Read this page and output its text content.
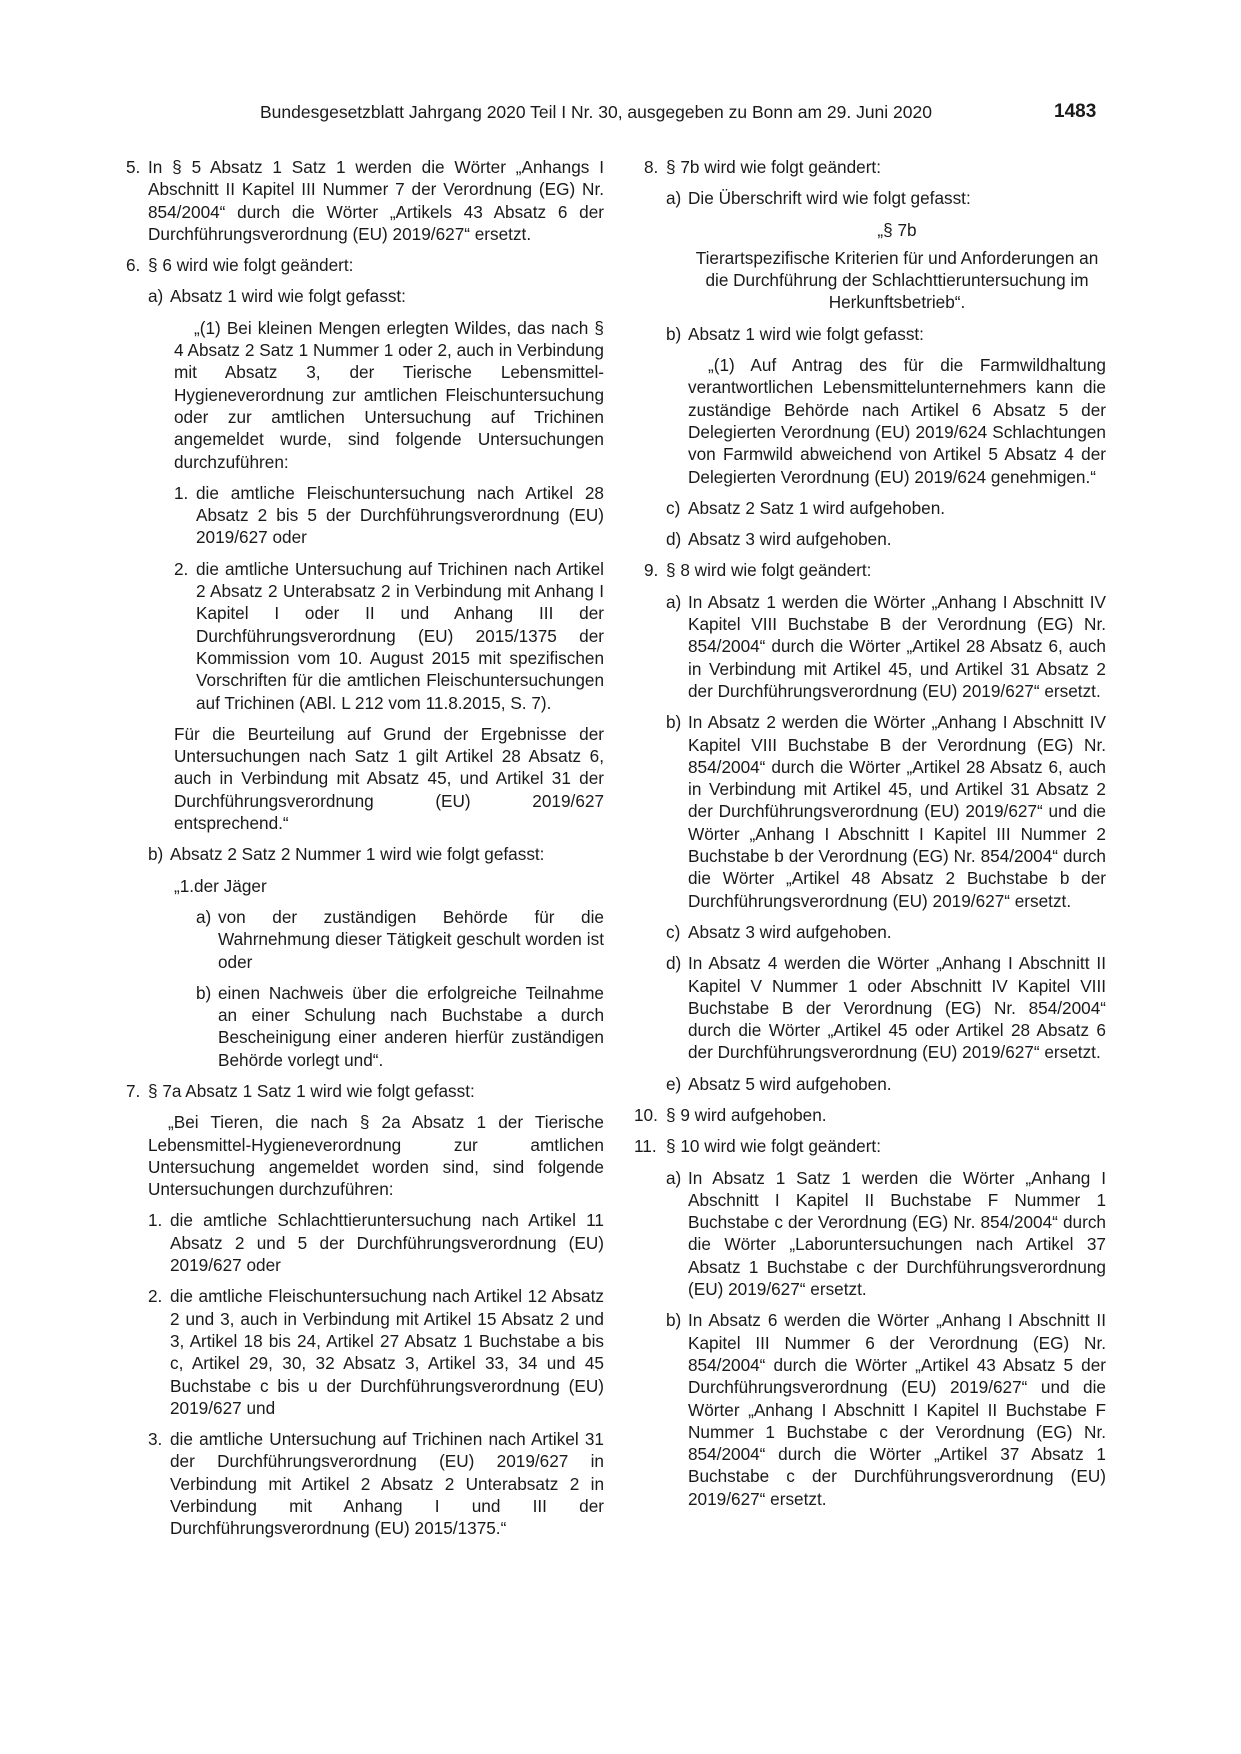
Bundesgesetzblatt Jahrgang 2020 Teil I Nr. 30, ausgegeben zu Bonn am 29. Juni 2020	1483
5. In § 5 Absatz 1 Satz 1 werden die Wörter „Anhangs I Abschnitt II Kapitel III Nummer 7 der Verordnung (EG) Nr. 854/2004“ durch die Wörter „Artikels 43 Absatz 6 der Durchführungsverordnung (EU) 2019/627“ ersetzt.

6. § 6 wird wie folgt geändert:

a) Absatz 1 wird wie folgt gefasst:

„(1) Bei kleinen Mengen erlegten Wildes, das nach § 4 Absatz 2 Satz 1 Nummer 1 oder 2, auch in Verbindung mit Absatz 3, der Tierische Lebensmittel-Hygieneverordnung zur amtlichen Fleischuntersuchung oder zur amtlichen Untersuchung auf Trichinen angemeldet wurde, sind folgende Untersuchungen durchzuführen:

1. die amtliche Fleischuntersuchung nach Artikel 28 Absatz 2 bis 5 der Durchführungsverordnung (EU) 2019/627 oder

2. die amtliche Untersuchung auf Trichinen nach Artikel 2 Absatz 2 Unterabsatz 2 in Verbindung mit Anhang I Kapitel I oder II und Anhang III der Durchführungsverordnung (EU) 2015/1375 der Kommission vom 10. August 2015 mit spezifischen Vorschriften für die amtlichen Fleischuntersuchungen auf Trichinen (ABl. L 212 vom 11.8.2015, S. 7).

Für die Beurteilung auf Grund der Ergebnisse der Untersuchungen nach Satz 1 gilt Artikel 28 Absatz 6, auch in Verbindung mit Absatz 45, und Artikel 31 der Durchführungsverordnung (EU) 2019/627 entsprechend.“

b) Absatz 2 Satz 2 Nummer 1 wird wie folgt gefasst:

„1.der Jäger

a) von der zuständigen Behörde für die Wahrnehmung dieser Tätigkeit geschult worden ist oder

b) einen Nachweis über die erfolgreiche Teilnahme an einer Schulung nach Buchstabe a durch Bescheinigung einer anderen hierfür zuständigen Behörde vorlegt und“.

7. § 7a Absatz 1 Satz 1 wird wie folgt gefasst:

„Bei Tieren, die nach § 2a Absatz 1 der Tierische Lebensmittel-Hygieneverordnung zur amtlichen Untersuchung angemeldet worden sind, sind folgende Untersuchungen durchzuführen:

1. die amtliche Schlachttieruntersuchung nach Artikel 11 Absatz 2 und 5 der Durchführungsverordnung (EU) 2019/627 oder

2. die amtliche Fleischuntersuchung nach Artikel 12 Absatz 2 und 3, auch in Verbindung mit Artikel 15 Absatz 2 und 3, Artikel 18 bis 24, Artikel 27 Absatz 1 Buchstabe a bis c, Artikel 29, 30, 32 Absatz 3, Artikel 33, 34 und 45 Buchstabe c bis u der Durchführungsverordnung (EU) 2019/627 und

3. die amtliche Untersuchung auf Trichinen nach Artikel 31 der Durchführungsverordnung (EU) 2019/627 in Verbindung mit Artikel 2 Absatz 2 Unterabsatz 2 in Verbindung mit Anhang I und III der Durchführungsverordnung (EU) 2015/1375.“

8. § 7b wird wie folgt geändert:

a) Die Überschrift wird wie folgt gefasst:

„§ 7b

Tierartspezifische Kriterien für und Anforderungen an die Durchführung der Schlachttieruntersuchung im Herkunftsbetrieb“.

b) Absatz 1 wird wie folgt gefasst:

„(1) Auf Antrag des für die Farmwildhaltung verantwortlichen Lebensmittelunternehmers kann die zuständige Behörde nach Artikel 6 Absatz 5 der Delegierten Verordnung (EU) 2019/624 Schlachtungen von Farmwild abweichend von Artikel 5 Absatz 4 der Delegierten Verordnung (EU) 2019/624 genehmigen.“

c) Absatz 2 Satz 1 wird aufgehoben.

d) Absatz 3 wird aufgehoben.

9. § 8 wird wie folgt geändert:

a) In Absatz 1 werden die Wörter „Anhang I Abschnitt IV Kapitel VIII Buchstabe B der Verordnung (EG) Nr. 854/2004“ durch die Wörter „Artikel 28 Absatz 6, auch in Verbindung mit Artikel 45, und Artikel 31 Absatz 2 der Durchführungsverordnung (EU) 2019/627“ ersetzt.

b) In Absatz 2 werden die Wörter „Anhang I Abschnitt IV Kapitel VIII Buchstabe B der Verordnung (EG) Nr. 854/2004“ durch die Wörter „Artikel 28 Absatz 6, auch in Verbindung mit Artikel 45, und Artikel 31 Absatz 2 der Durchführungsverordnung (EU) 2019/627“ und die Wörter „Anhang I Abschnitt I Kapitel III Nummer 2 Buchstabe b der Verordnung (EG) Nr. 854/2004“ durch die Wörter „Artikel 48 Absatz 2 Buchstabe b der Durchführungsverordnung (EU) 2019/627“ ersetzt.

c) Absatz 3 wird aufgehoben.

d) In Absatz 4 werden die Wörter „Anhang I Abschnitt II Kapitel V Nummer 1 oder Abschnitt IV Kapitel VIII Buchstabe B der Verordnung (EG) Nr. 854/2004“ durch die Wörter „Artikel 45 oder Artikel 28 Absatz 6 der Durchführungsverordnung (EU) 2019/627“ ersetzt.

e) Absatz 5 wird aufgehoben.

10. § 9 wird aufgehoben.

11. § 10 wird wie folgt geändert:

a) In Absatz 1 Satz 1 werden die Wörter „Anhang I Abschnitt I Kapitel II Buchstabe F Nummer 1 Buchstabe c der Verordnung (EG) Nr. 854/2004“ durch die Wörter „Laboruntersuchungen nach Artikel 37 Absatz 1 Buchstabe c der Durchführungsverordnung (EU) 2019/627“ ersetzt.

b) In Absatz 6 werden die Wörter „Anhang I Abschnitt II Kapitel III Nummer 6 der Verordnung (EG) Nr. 854/2004“ durch die Wörter „Artikel 43 Absatz 5 der Durchführungsverordnung (EU) 2019/627“ und die Wörter „Anhang I Abschnitt I Kapitel II Buchstabe F Nummer 1 Buchstabe c der Verordnung (EG) Nr. 854/2004“ durch die Wörter „Artikel 37 Absatz 1 Buchstabe c der Durchführungsverordnung (EU) 2019/627“ ersetzt.
